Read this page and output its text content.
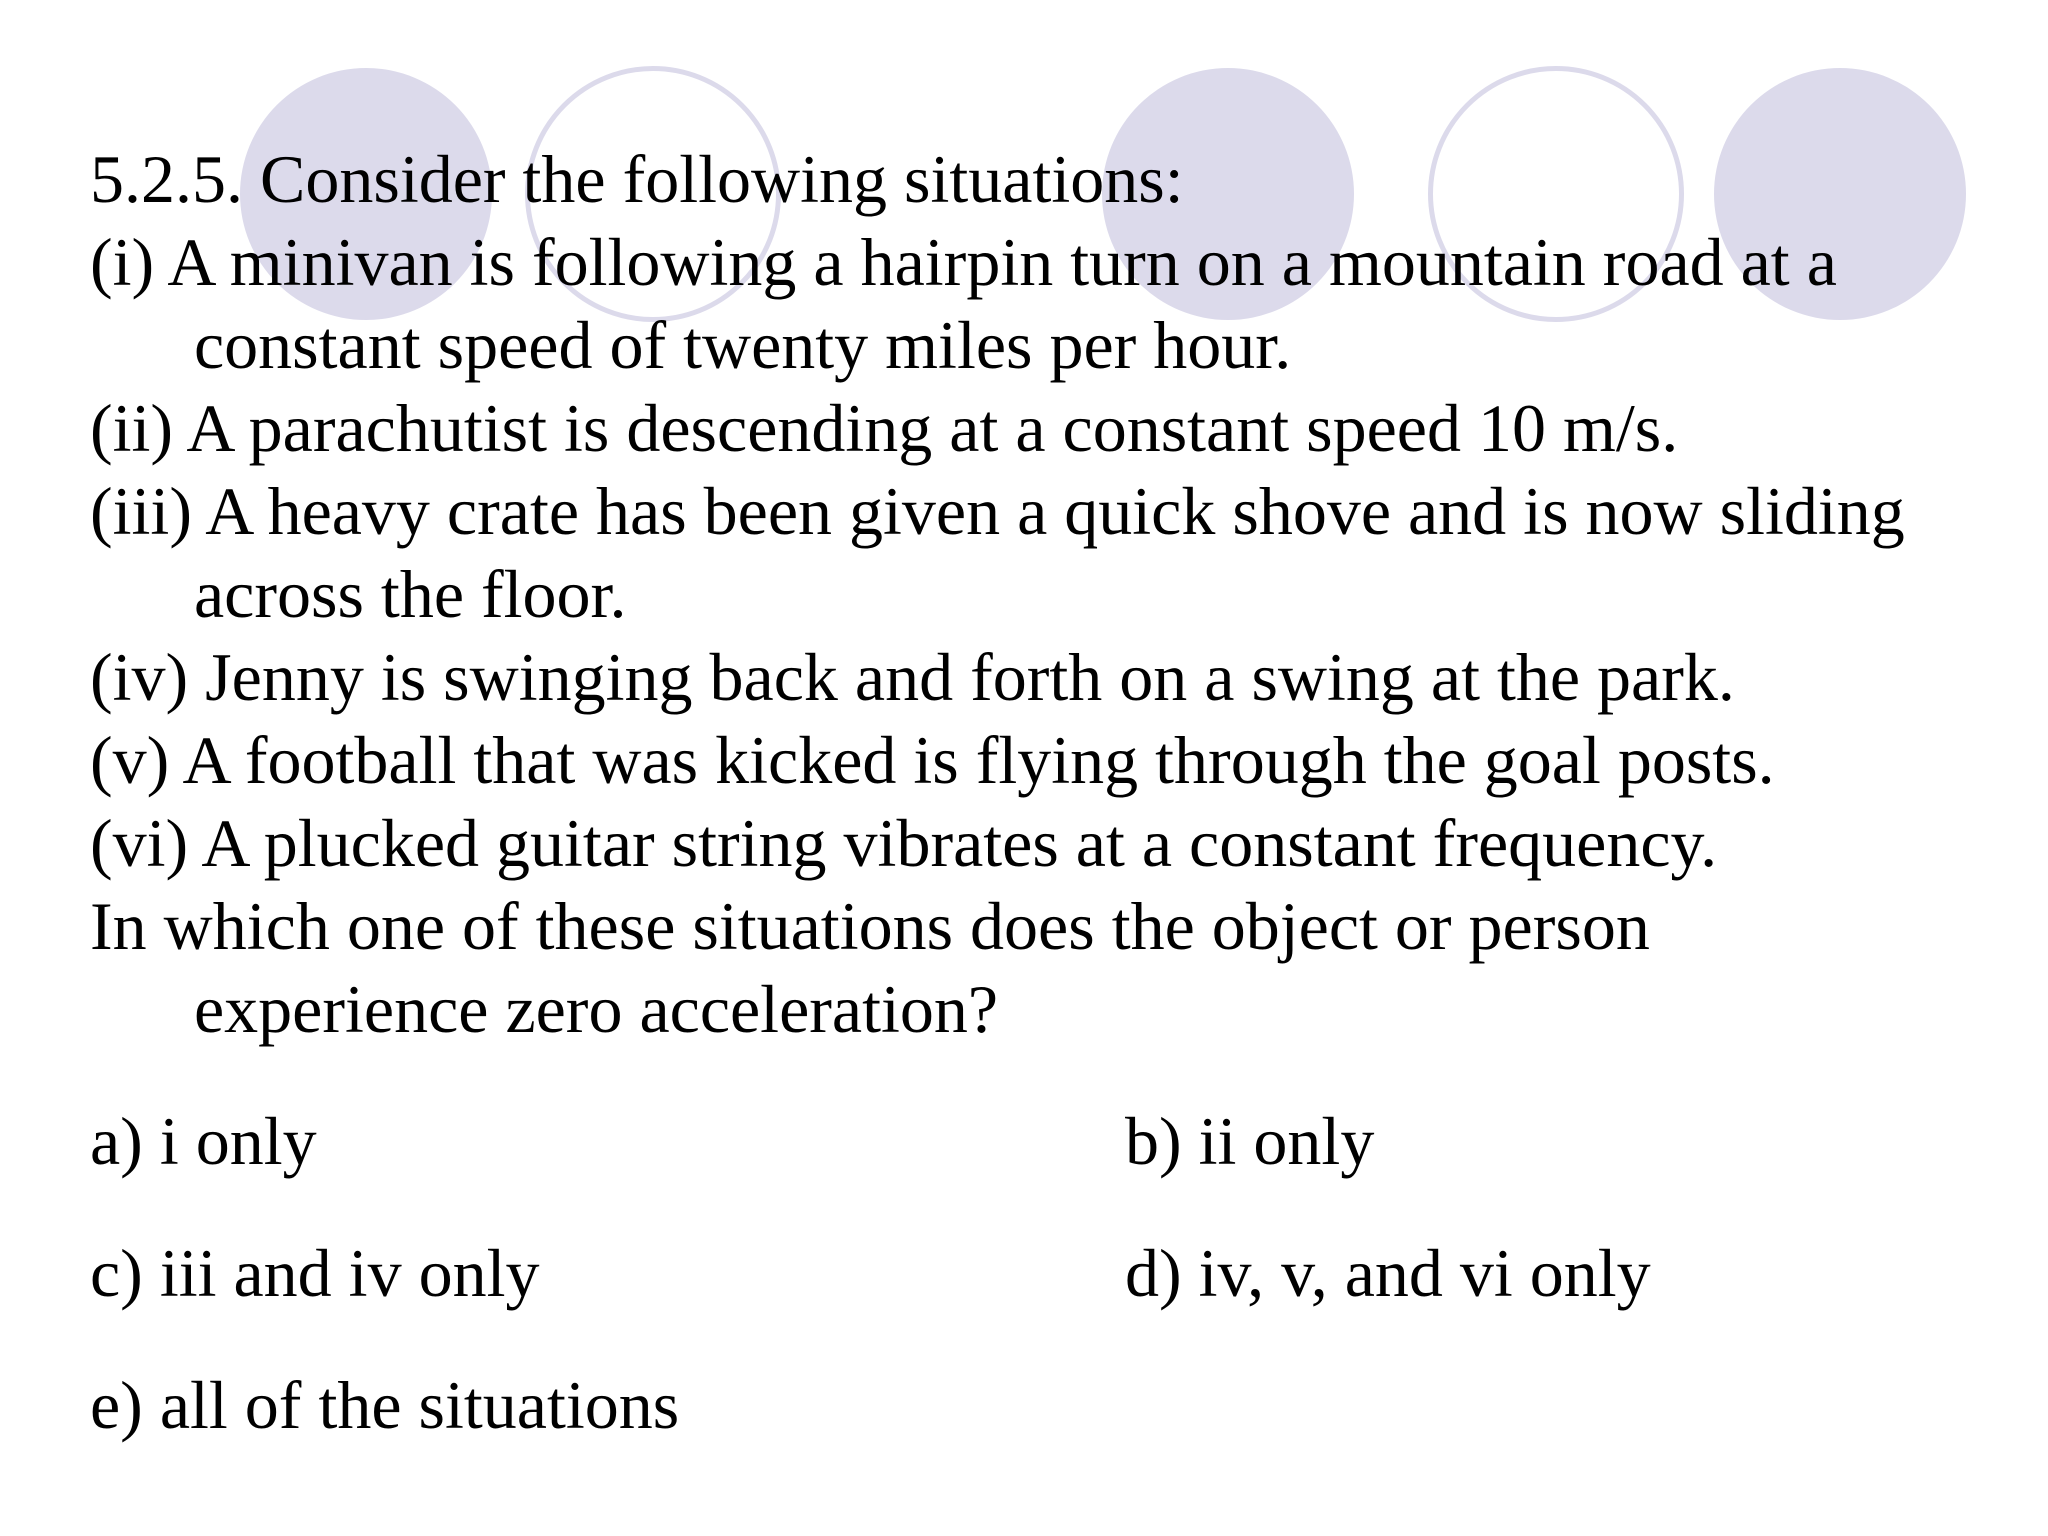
5.2.5. Consider the following situations:
(i) A minivan is following a hairpin turn on a mountain road at a
constant speed of twenty miles per hour.
(ii) A parachutist is descending at a constant speed 10 m/s.
(iii) A heavy crate has been given a quick shove and is now sliding
across the floor.
(iv) Jenny is swinging back and forth on a swing at the park.
(v) A football that was kicked is flying through the goal posts.
(vi) A plucked guitar string vibrates at a constant frequency.
In which one of these situations does the object or person
experience zero acceleration?
a) i only	b) ii only
c) iii and iv only	d) iv, v, and vi only
e) all of the situations
